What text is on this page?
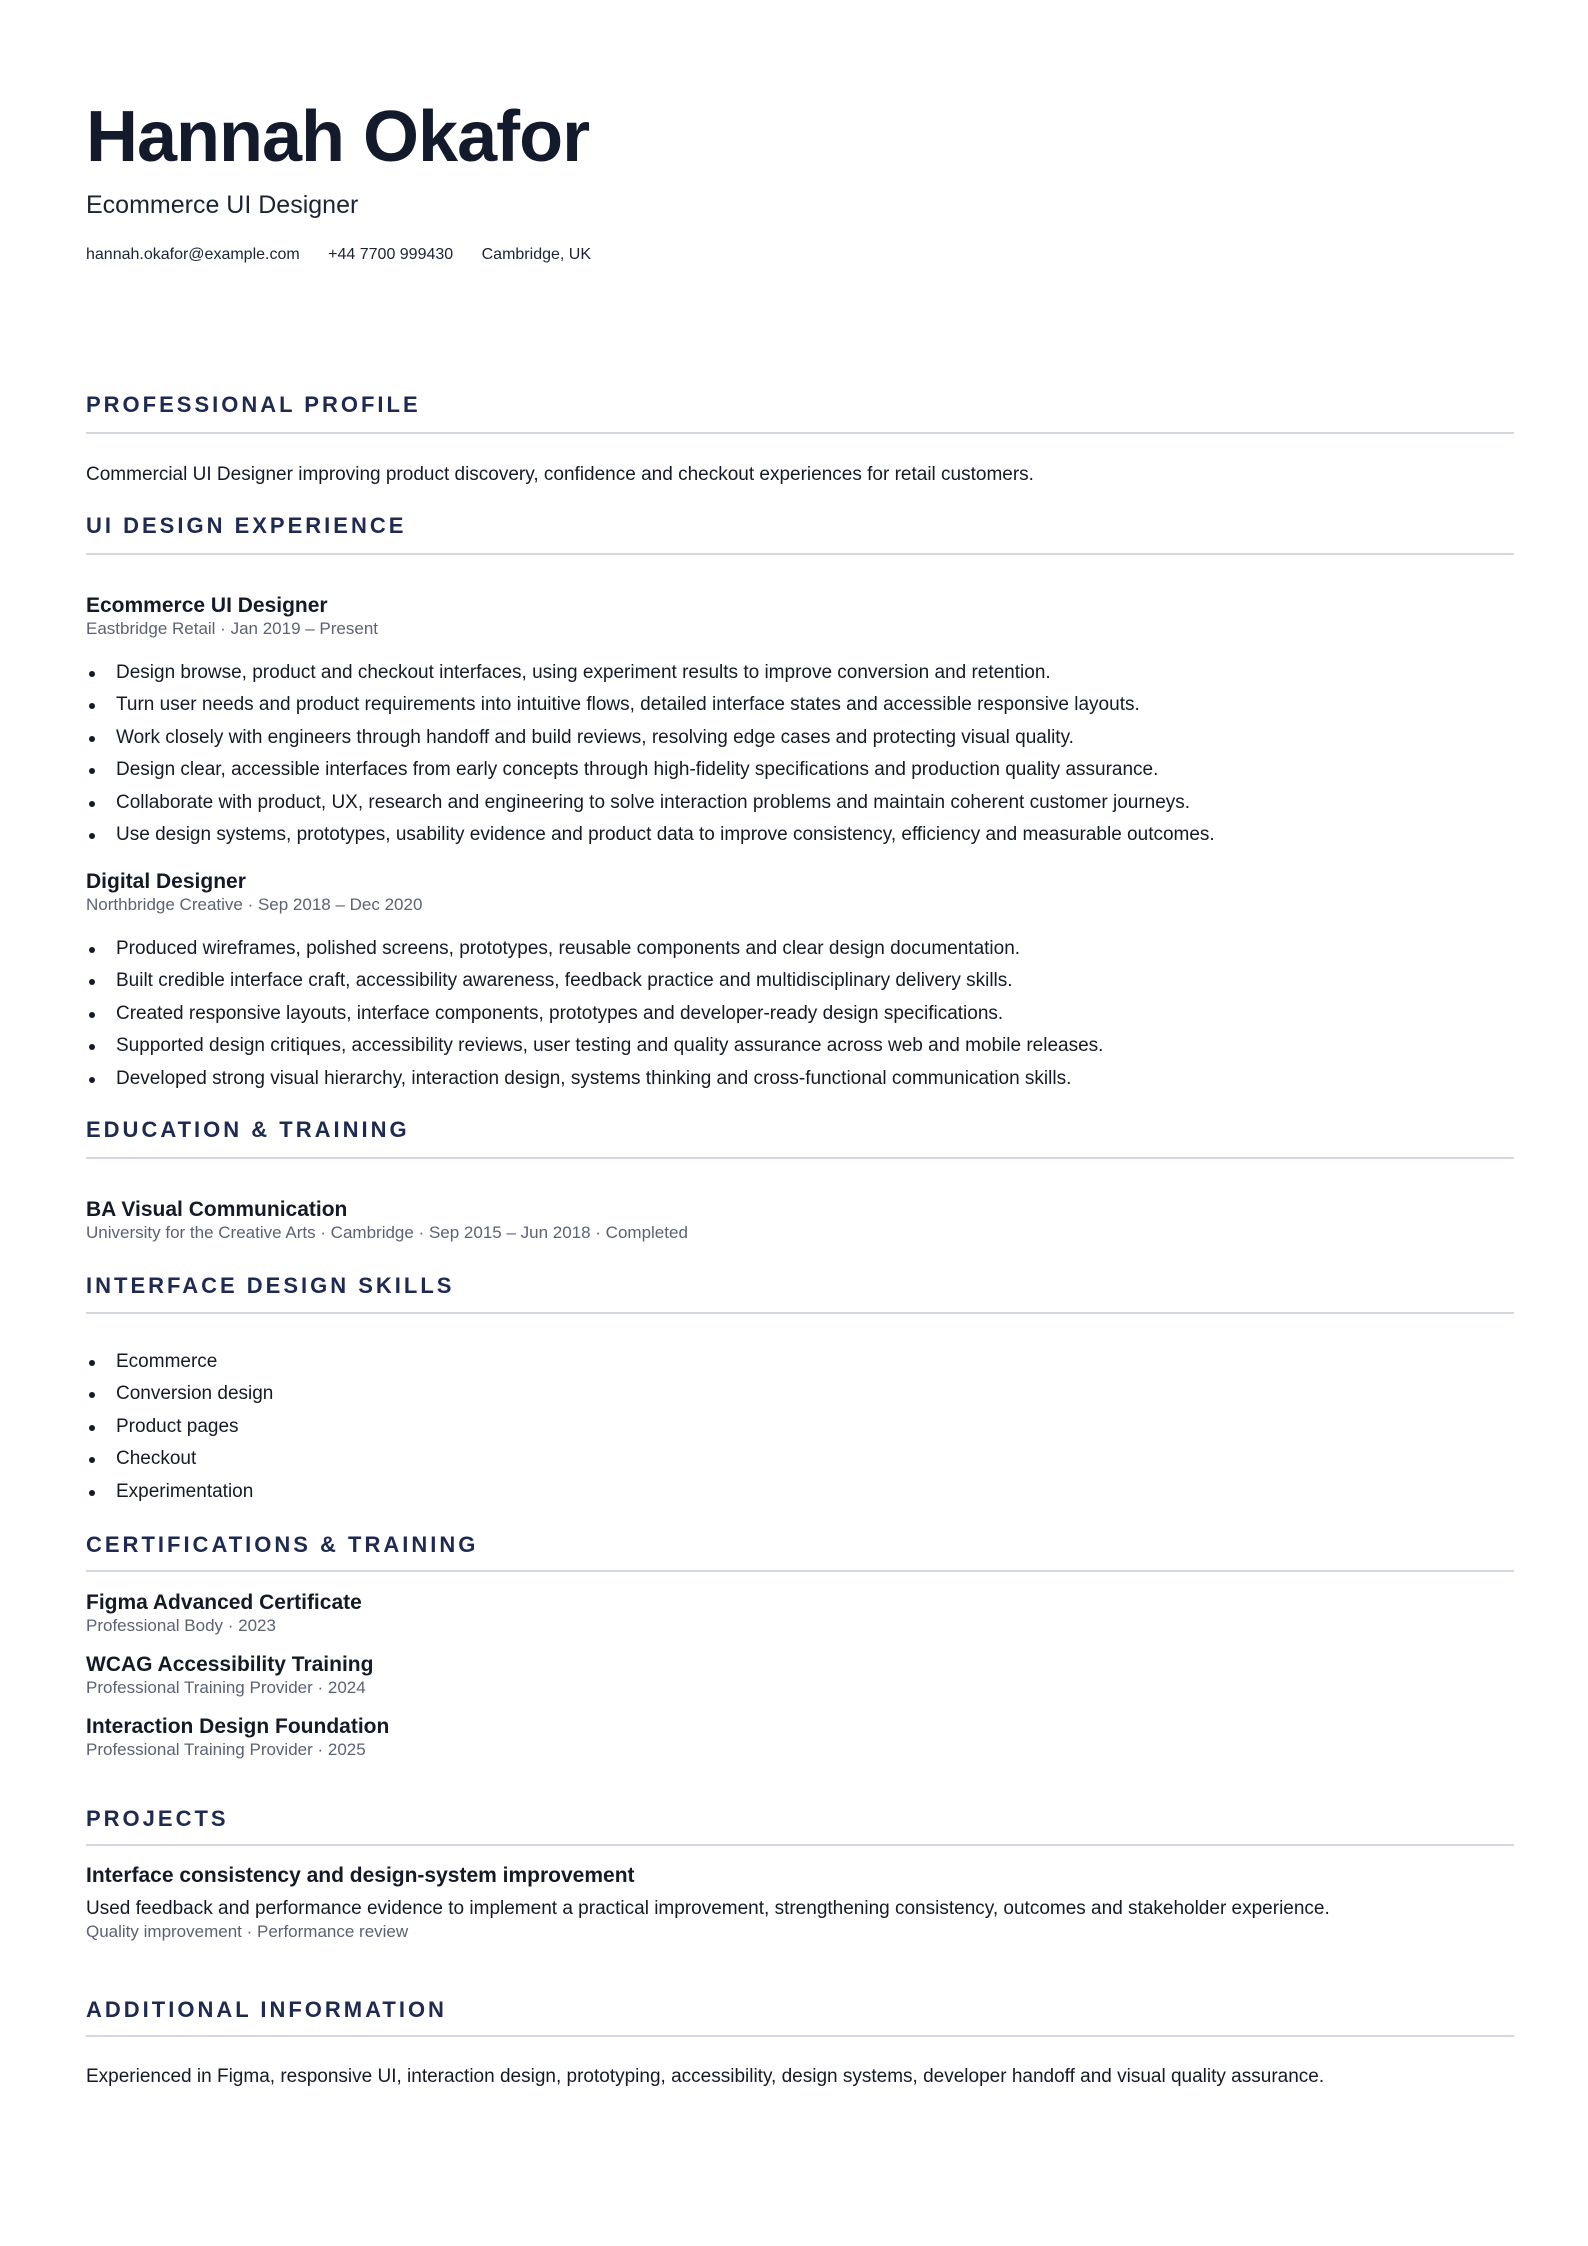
Hannah Okafor
Ecommerce UI Designer
hannah.okafor@example.com +44 7700 999430 Cambridge, UK
PROFESSIONAL PROFILE
Commercial UI Designer improving product discovery, confidence and checkout experiences for retail customers.
UI DESIGN EXPERIENCE
Ecommerce UI Designer
Eastbridge Retail · Jan 2019 – Present
Design browse, product and checkout interfaces, using experiment results to improve conversion and retention.
Turn user needs and product requirements into intuitive flows, detailed interface states and accessible responsive layouts.
Work closely with engineers through handoff and build reviews, resolving edge cases and protecting visual quality.
Design clear, accessible interfaces from early concepts through high-fidelity specifications and production quality assurance.
Collaborate with product, UX, research and engineering to solve interaction problems and maintain coherent customer journeys.
Use design systems, prototypes, usability evidence and product data to improve consistency, efficiency and measurable outcomes.
Digital Designer
Northbridge Creative · Sep 2018 – Dec 2020
Produced wireframes, polished screens, prototypes, reusable components and clear design documentation.
Built credible interface craft, accessibility awareness, feedback practice and multidisciplinary delivery skills.
Created responsive layouts, interface components, prototypes and developer-ready design specifications.
Supported design critiques, accessibility reviews, user testing and quality assurance across web and mobile releases.
Developed strong visual hierarchy, interaction design, systems thinking and cross-functional communication skills.
EDUCATION & TRAINING
BA Visual Communication
University for the Creative Arts · Cambridge · Sep 2015 – Jun 2018 · Completed
INTERFACE DESIGN SKILLS
Ecommerce
Conversion design
Product pages
Checkout
Experimentation
CERTIFICATIONS & TRAINING
Figma Advanced Certificate
Professional Body · 2023
WCAG Accessibility Training
Professional Training Provider · 2024
Interaction Design Foundation
Professional Training Provider · 2025
PROJECTS
Interface consistency and design-system improvement
Used feedback and performance evidence to implement a practical improvement, strengthening consistency, outcomes and stakeholder experience.
Quality improvement · Performance review
ADDITIONAL INFORMATION
Experienced in Figma, responsive UI, interaction design, prototyping, accessibility, design systems, developer handoff and visual quality assurance.
